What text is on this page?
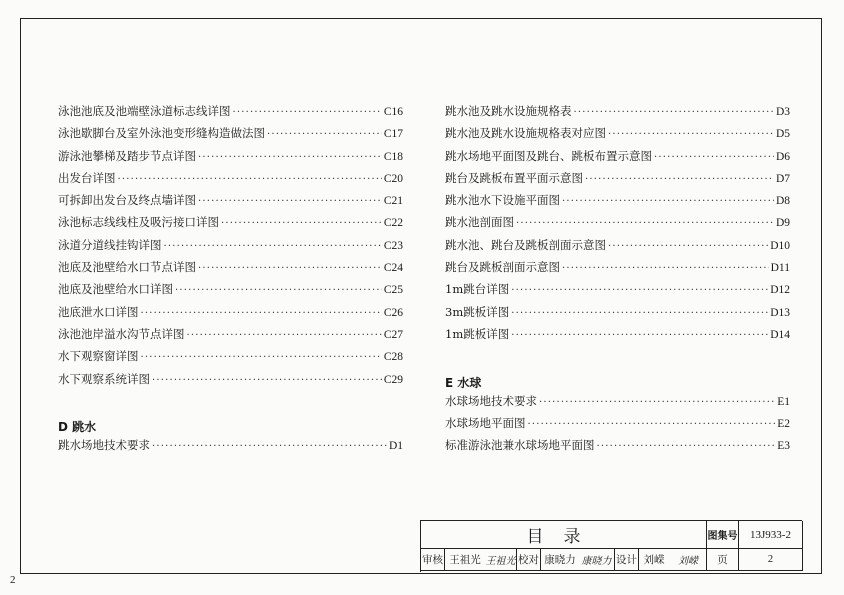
泳池池底及池端壁泳道标志线详图 ·····	C16
泳池歇脚台及室外泳池变形缝构造做法图 ·····	C17
游泳池攀梯及踏步节点详图 ·····	C18
出发台详图 ·····	C20
可拆卸出发台及终点墙详图 ·····	C21
泳池标志线线柱及吸污接口详图 ·····	C22
泳道分道线挂钩详图 ·····	C23
池底及池壁给水口节点详图 ·····	C24
池底及池壁给水口详图 ·····	C25
池底泄水口详图 ·····	C26
泳池池岸溢水沟节点详图 ·····	C27
水下观察窗详图 ·····	C28
水下观察系统详图 ·····	C29
D 跳水
跳水场地技术要求 ·····	D1
跳水池及跳水设施规格表 ·····	D3
跳水池及跳水设施规格表对应图 ·····	D5
跳水场地平面图及跳台、跳板布置示意图 ·····	D6
跳台及跳板布置平面示意图 ·····	D7
跳水池水下设施平面图 ·····	D8
跳水池剖面图 ·····	D9
跳水池、跳台及跳板剖面示意图 ·····	D10
跳台及跳板剖面示意图 ·····	D11
1m跳台详图 ·····	D12
3m跳板详图 ·····	D13
1m跳板详图 ·····	D14
E 水球
水球场地技术要求 ·····	E1
水球场地平面图 ·····	E2
标准游泳池兼水球场地平面图 ·····	E3
目录	图集号	13J933-2
审核 王祖光 王祖光 校对 康晓力 康晓力 设计 刘嵘	刘嵘	页	2
2
